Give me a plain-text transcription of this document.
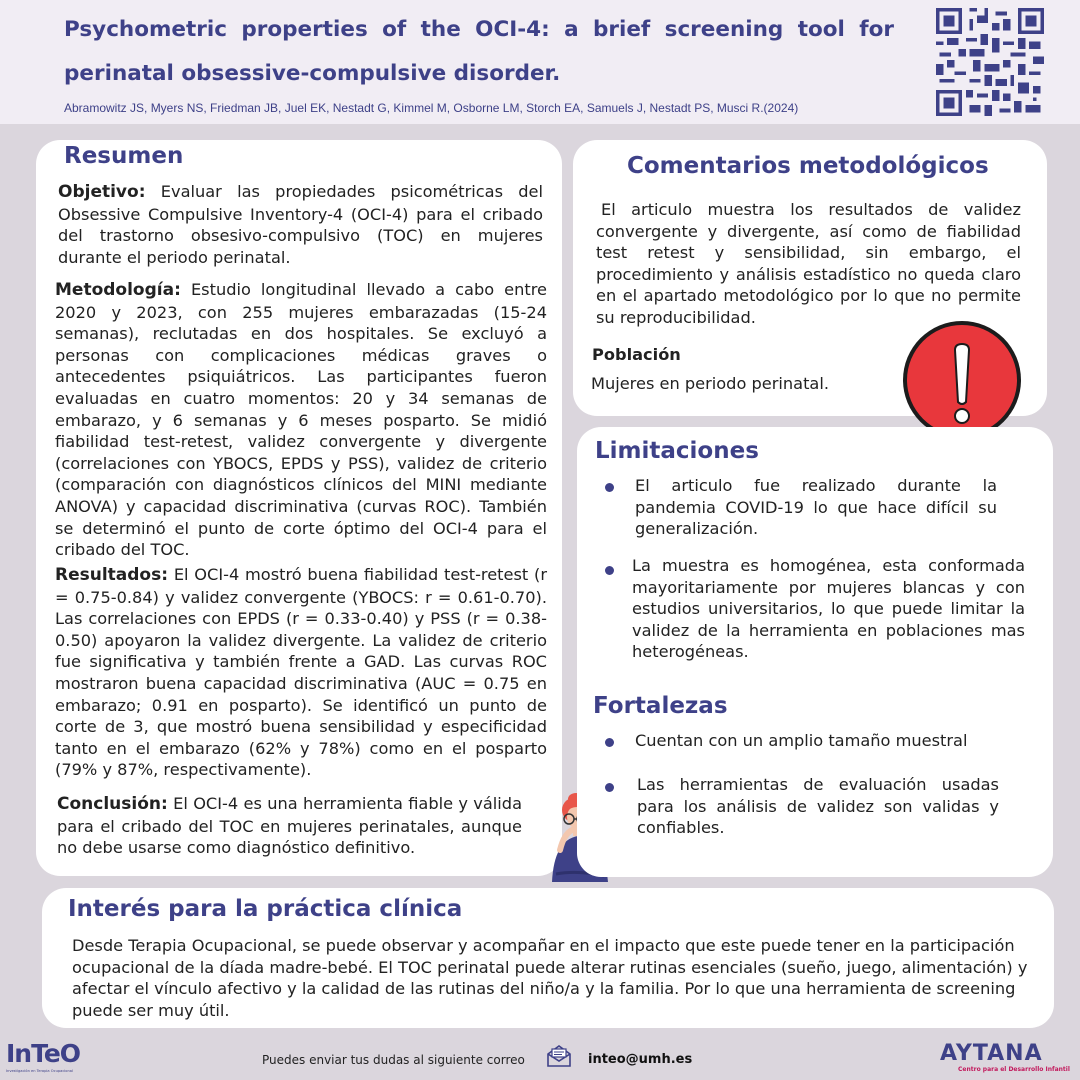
Psychometric properties of the OCI-4: a brief screening tool for perinatal obsessive-compulsive disorder.
Abramowitz JS, Myers NS, Friedman JB, Juel EK, Nestadt G, Kimmel M, Osborne LM, Storch EA, Samuels J, Nestadt PS, Musci R.(2024)
Resumen
Objetivo: Evaluar las propiedades psicométricas del Obsessive Compulsive Inventory-4 (OCI-4) para el cribado del trastorno obsesivo-compulsivo (TOC) en mujeres durante el periodo perinatal.
Metodología: Estudio longitudinal llevado a cabo entre 2020 y 2023, con 255 mujeres embarazadas (15-24 semanas), reclutadas en dos hospitales. Se excluyó a personas con complicaciones médicas graves o antecedentes psiquiátricos. Las participantes fueron evaluadas en cuatro momentos: 20 y 34 semanas de embarazo, y 6 semanas y 6 meses posparto. Se midió fiabilidad test-retest, validez convergente y divergente (correlaciones con YBOCS, EPDS y PSS), validez de criterio (comparación con diagnósticos clínicos del MINI mediante ANOVA) y capacidad discriminativa (curvas ROC). También se determinó el punto de corte óptimo del OCI-4 para el cribado del TOC.
Resultados: El OCI-4 mostró buena fiabilidad test-retest (r = 0.75-0.84) y validez convergente (YBOCS: r = 0.61-0.70). Las correlaciones con EPDS (r = 0.33-0.40) y PSS (r = 0.38-0.50) apoyaron la validez divergente. La validez de criterio fue significativa y también frente a GAD. Las curvas ROC mostraron buena capacidad discriminativa (AUC = 0.75 en embarazo; 0.91 en posparto). Se identificó un punto de corte de 3, que mostró buena sensibilidad y especificidad tanto en el embarazo (62% y 78%) como en el posparto (79% y 87%, respectivamente).
Conclusión: El OCI-4 es una herramienta fiable y válida para el cribado del TOC en mujeres perinatales, aunque no debe usarse como diagnóstico definitivo.
Comentarios metodológicos
El articulo muestra los resultados de validez convergente y divergente, así como de fiabilidad test retest y sensibilidad, sin embargo, el procedimiento y análisis estadístico no queda claro en el apartado metodológico por lo que no permite su reproducibilidad.
Población
Mujeres en periodo perinatal.
Limitaciones
El articulo fue realizado durante la pandemia COVID-19 lo que hace difícil su generalización.
La muestra es homogénea, esta conformada mayoritariamente por mujeres blancas y con estudios universitarios, lo que puede limitar la validez de la herramienta en poblaciones mas heterogéneas.
Fortalezas
Cuentan con un amplio tamaño muestral
Las herramientas de evaluación usadas para los análisis de validez son validas y confiables.
Interés para la práctica clínica
Desde Terapia Ocupacional, se puede observar y acompañar en el impacto que este puede tener en la participación ocupacional de la díada madre-bebé. El TOC perinatal puede alterar rutinas esenciales (sueño, juego, alimentación) y afectar el vínculo afectivo y la calidad de las rutinas del niño/a y la familia. Por lo que una herramienta de screening puede ser muy útil.
InTeO
Investigación en Terapia Ocupacional
Puedes enviar tus dudas al siguiente correo	inteo@umh.es	AYTANA
Centro para el Desarrollo Infantil
